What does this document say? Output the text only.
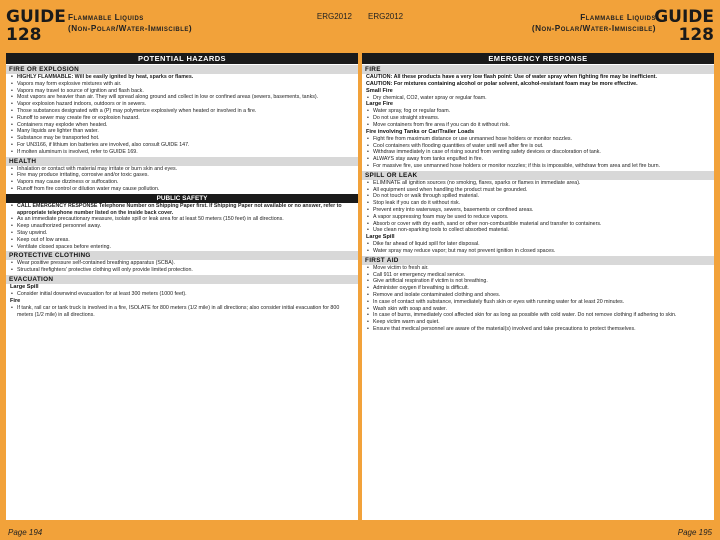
GUIDE
128
Flammable Liquids
(Non-Polar/Water-Immiscible)
ERG2012
POTENTIAL HAZARDS
FIRE OR EXPLOSION
• HIGHLY FLAMMABLE: Will be easily ignited by heat, sparks or flames.
• Vapors may form explosive mixtures with air.
• Vapors may travel to source of ignition and flash back.
• Most vapors are heavier than air. They will spread along ground and collect in low or confined areas (sewers, basements, tanks).
• Vapor explosion hazard indoors, outdoors or in sewers.
• Those substances designated with a (P) may polymerize explosively when heated or involved in a fire.
• Runoff to sewer may create fire or explosion hazard.
• Containers may explode when heated.
• Many liquids are lighter than water.
• Substance may be transported hot.
• For UN3166, if lithium ion batteries are involved, also consult GUIDE 147.
• If molten aluminum is involved, refer to GUIDE 169.
HEALTH
• Inhalation or contact with material may irritate or burn skin and eyes.
• Fire may produce irritating, corrosive and/or toxic gases.
• Vapors may cause dizziness or suffocation.
• Runoff from fire control or dilution water may cause pollution.
PUBLIC SAFETY
• CALL EMERGENCY RESPONSE Telephone Number on Shipping Paper first. If Shipping Paper not available or no answer, refer to appropriate telephone number listed on the inside back cover.
• As an immediate precautionary measure, isolate spill or leak area for at least 50 meters (150 feet) in all directions.
• Keep unauthorized personnel away.
• Stay upwind.
• Keep out of low areas.
• Ventilate closed spaces before entering.
PROTECTIVE CLOTHING
• Wear positive pressure self-contained breathing apparatus (SCBA).
• Structural firefighters' protective clothing will only provide limited protection.
EVACUATION
Large Spill
• Consider initial downwind evacuation for at least 300 meters (1000 feet).
Fire
• If tank, rail car or tank truck is involved in a fire, ISOLATE for 800 meters (1/2 mile) in all directions; also consider initial evacuation for 800 meters (1/2 mile) in all directions.
Page 194
ERG2012	Flammable Liquids
(Non-Polar/Water-Immiscible)
GUIDE
128
EMERGENCY RESPONSE
FIRE
CAUTION: All these products have a very low flash point: Use of water spray when fighting fire may be inefficient.
CAUTION: For mixtures containing alcohol or polar solvent, alcohol-resistant foam may be more effective.
Small Fire
• Dry chemical, CO2, water spray or regular foam.
Large Fire
• Water spray, fog or regular foam.
• Do not use straight streams.
• Move containers from fire area if you can do it without risk.
Fire involving Tanks or Car/Trailer Loads
• Fight fire from maximum distance or use unmanned hose holders or monitor nozzles.
• Cool containers with flooding quantities of water until well after fire is out.
• Withdraw immediately in case of rising sound from venting safety devices or discoloration of tank.
• ALWAYS stay away from tanks engulfed in fire.
• For massive fire, use unmanned hose holders or monitor nozzles; if this is impossible, withdraw from area and let fire burn.
SPILL OR LEAK
• ELIMINATE all ignition sources (no smoking, flares, sparks or flames in immediate area).
• All equipment used when handling the product must be grounded.
• Do not touch or walk through spilled material.
• Stop leak if you can do it without risk.
• Prevent entry into waterways, sewers, basements or confined areas.
• A vapor suppressing foam may be used to reduce vapors.
• Absorb or cover with dry earth, sand or other non-combustible material and transfer to containers.
• Use clean non-sparking tools to collect absorbed material.
Large Spill
• Dike far ahead of liquid spill for later disposal.
• Water spray may reduce vapor; but may not prevent ignition in closed spaces.
FIRST AID
• Move victim to fresh air.
• Call 911 or emergency medical service.
• Give artificial respiration if victim is not breathing.
• Administer oxygen if breathing is difficult.
• Remove and isolate contaminated clothing and shoes.
• In case of contact with substance, immediately flush skin or eyes with running water for at least 20 minutes.
• Wash skin with soap and water.
• In case of burns, immediately cool affected skin for as long as possible with cold water. Do not remove clothing if adhering to skin.
• Keep victim warm and quiet.
• Ensure that medical personnel are aware of the material(s) involved and take precautions to protect themselves.
Page 195
